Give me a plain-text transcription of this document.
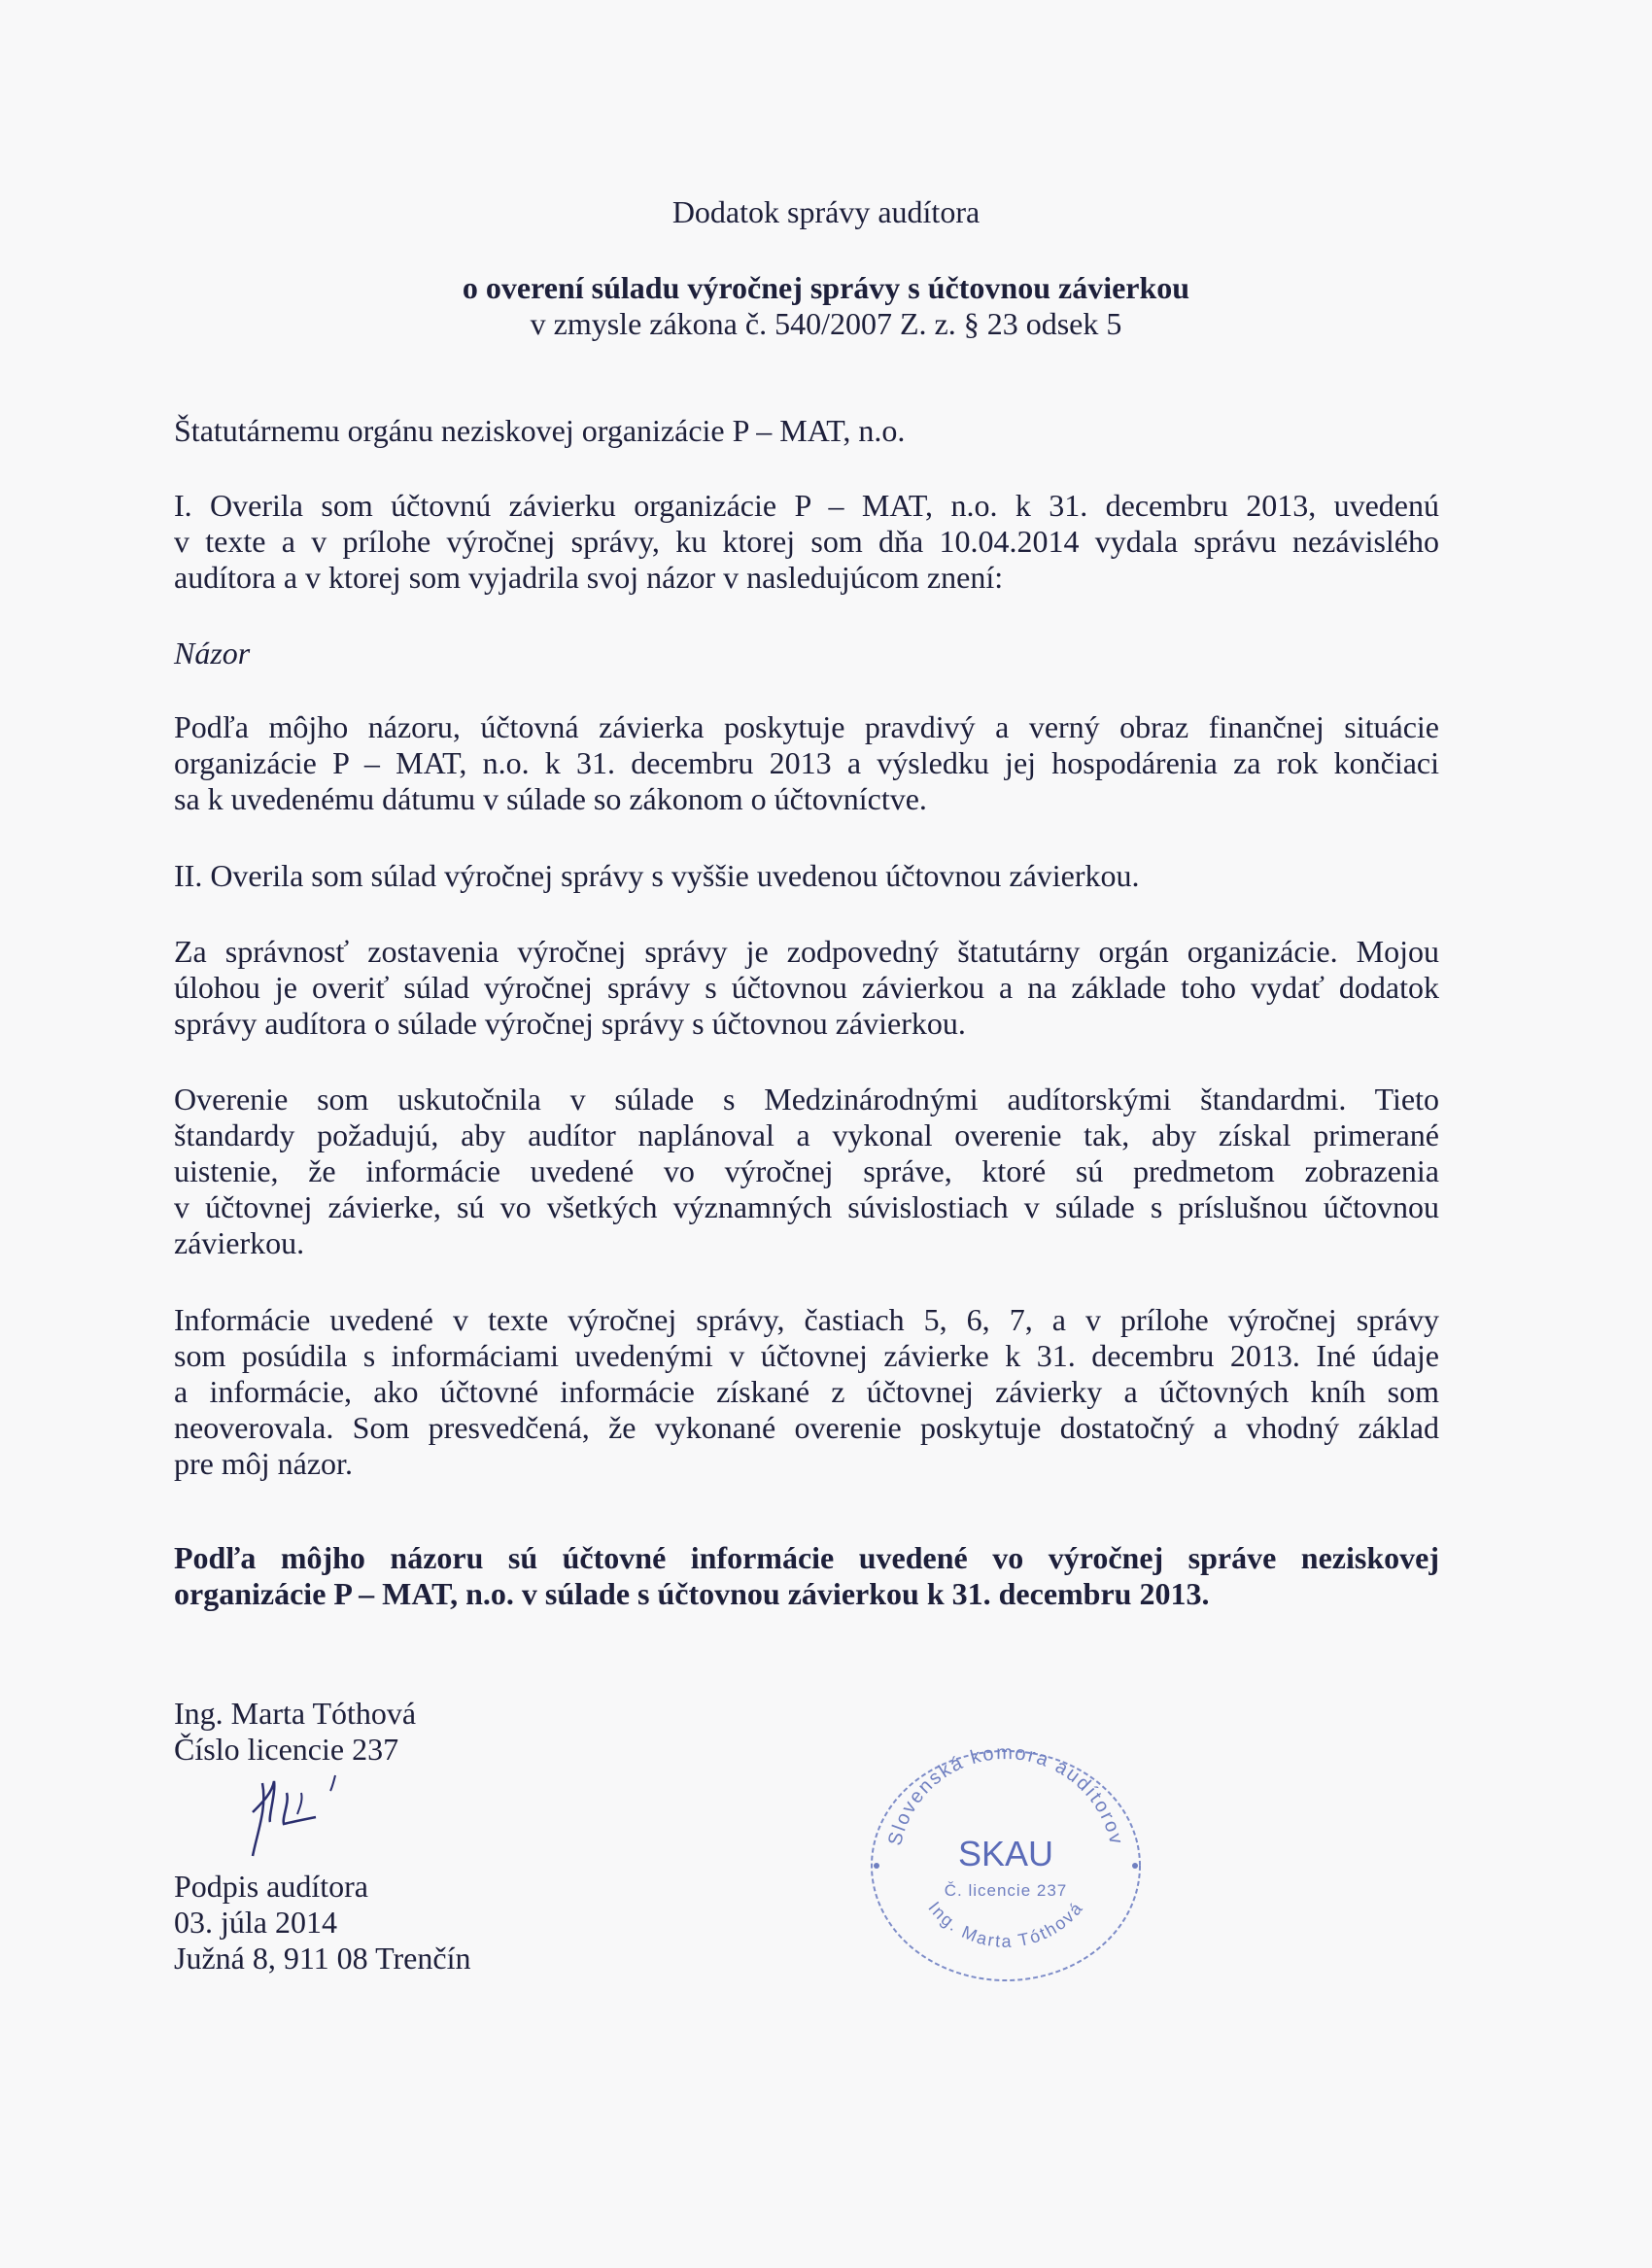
Dodatok správy audítora
o overení súladu výročnej správy s účtovnou závierkou
v zmysle zákona č. 540/2007 Z. z. § 23 odsek 5
Štatutárnemu orgánu neziskovej organizácie P – MAT, n.o.
I. Overila som účtovnú závierku organizácie P – MAT, n.o. k 31. decembru 2013, uvedenú
v texte a v prílohe výročnej správy, ku ktorej som dňa 10.04.2014 vydala správu nezávislého
audítora a v ktorej som vyjadrila svoj názor v nasledujúcom znení:
Názor
Podľa môjho názoru, účtovná závierka poskytuje pravdivý a verný obraz finančnej situácie
organizácie P – MAT, n.o. k 31. decembru 2013 a výsledku jej hospodárenia za rok končiaci
sa k uvedenému dátumu v súlade so zákonom o účtovníctve.
II. Overila som súlad výročnej správy s vyššie uvedenou účtovnou závierkou.
Za správnosť zostavenia výročnej správy je zodpovedný štatutárny orgán organizácie. Mojou
úlohou je overiť súlad výročnej správy s účtovnou závierkou a na základe toho vydať dodatok
správy audítora o súlade výročnej správy s účtovnou závierkou.
Overenie som uskutočnila v súlade s Medzinárodnými audítorskými štandardmi. Tieto
štandardy požadujú, aby audítor naplánoval a vykonal overenie tak, aby získal primerané
uistenie, že informácie uvedené vo výročnej správe, ktoré sú predmetom zobrazenia
v účtovnej závierke, sú vo všetkých významných súvislostiach v súlade s príslušnou účtovnou
závierkou.
Informácie uvedené v texte výročnej správy, častiach 5, 6, 7, a v prílohe výročnej správy
som posúdila s informáciami uvedenými v účtovnej závierke k 31. decembru 2013. Iné údaje
a informácie, ako účtovné informácie získané z účtovnej závierky a účtovných kníh som
neoverovala. Som presvedčená, že vykonané overenie poskytuje dostatočný a vhodný základ
pre môj názor.
Podľa môjho názoru sú účtovné informácie uvedené vo výročnej správe neziskovej
organizácie P – MAT, n.o. v súlade s účtovnou závierkou k 31. decembru 2013.
Ing. Marta Tóthová
Číslo licencie 237
Podpis audítora
03. júla 2014
Južná 8, 911 08 Trenčín
Slovenská komora audítorov
Ing. Marta Tóthová
SKAU
Č. licencie 237
